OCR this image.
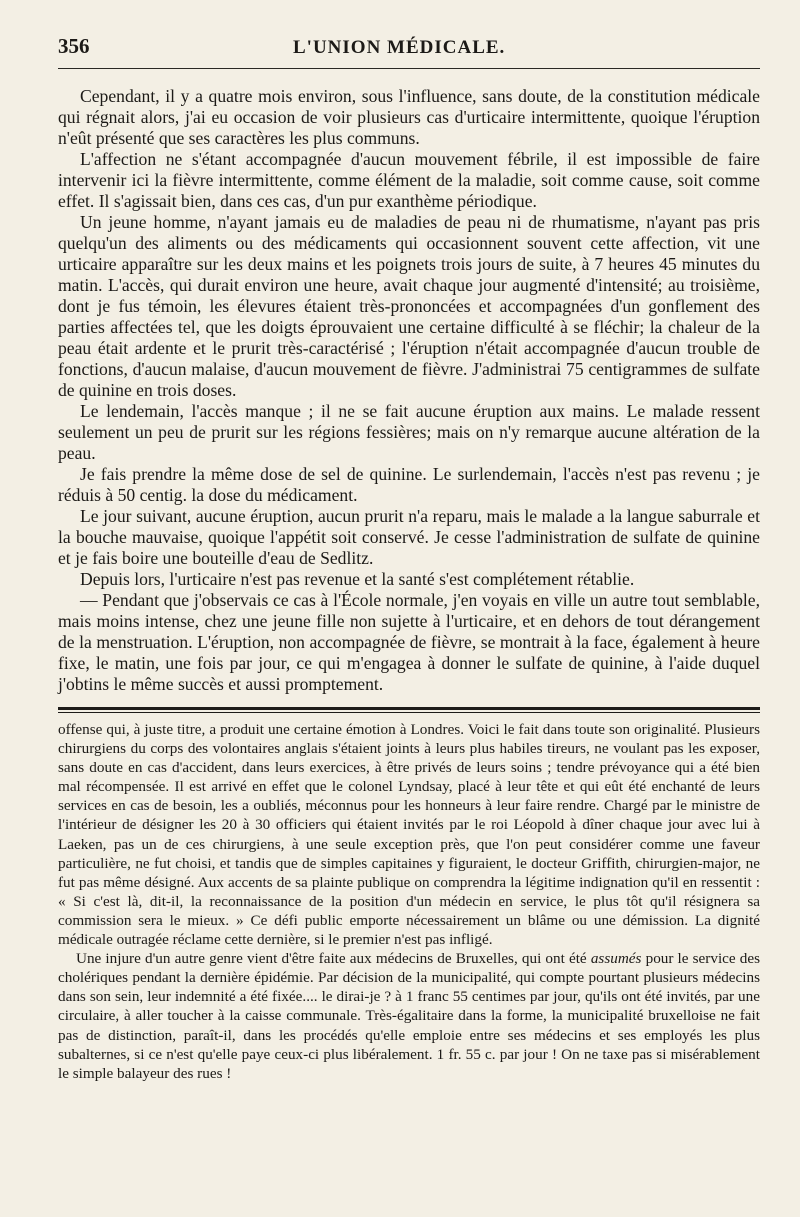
356	L'UNION MÉDICALE.

Cependant, il y a quatre mois environ, sous l'influence, sans doute, de la constitution médicale qui régnait alors, j'ai eu occasion de voir plusieurs cas d'urticaire intermittente, quoique l'éruption n'eût présenté que ses caractères les plus communs.

L'affection ne s'étant accompagnée d'aucun mouvement fébrile, il est impossible de faire intervenir ici la fièvre intermittente, comme élément de la maladie, soit comme cause, soit comme effet. Il s'agissait bien, dans ces cas, d'un pur exanthème périodique.

Un jeune homme, n'ayant jamais eu de maladies de peau ni de rhumatisme, n'ayant pas pris quelqu'un des aliments ou des médicaments qui occasionnent souvent cette affection, vit une urticaire apparaître sur les deux mains et les poignets trois jours de suite, à 7 heures 45 minutes du matin. L'accès, qui durait environ une heure, avait chaque jour augmenté d'intensité; au troisième, dont je fus témoin, les élevures étaient très-prononcées et accompagnées d'un gonflement des parties affectées tel, que les doigts éprouvaient une certaine difficulté à se fléchir; la chaleur de la peau était ardente et le prurit très-caractérisé ; l'éruption n'était accompagnée d'aucun trouble de fonctions, d'aucun malaise, d'aucun mouvement de fièvre. J'administrai 75 centigrammes de sulfate de quinine en trois doses.

Le lendemain, l'accès manque ; il ne se fait aucune éruption aux mains. Le malade ressent seulement un peu de prurit sur les régions fessières; mais on n'y remarque aucune altération de la peau.

Je fais prendre la même dose de sel de quinine. Le surlendemain, l'accès n'est pas revenu ; je réduis à 50 centig. la dose du médicament.

Le jour suivant, aucune éruption, aucun prurit n'a reparu, mais le malade a la langue saburrale et la bouche mauvaise, quoique l'appétit soit conservé. Je cesse l'administration de sulfate de quinine et je fais boire une bouteille d'eau de Sedlitz.

Depuis lors, l'urticaire n'est pas revenue et la santé s'est complétement rétablie.

— Pendant que j'observais ce cas à l'École normale, j'en voyais en ville un autre tout semblable, mais moins intense, chez une jeune fille non sujette à l'urticaire, et en dehors de tout dérangement de la menstruation. L'éruption, non accompagnée de fièvre, se montrait à la face, également à heure fixe, le matin, une fois par jour, ce qui m'engagea à donner le sulfate de quinine, à l'aide duquel j'obtins le même succès et aussi promptement.

offense qui, à juste titre, a produit une certaine émotion à Londres. Voici le fait dans toute son originalité. Plusieurs chirurgiens du corps des volontaires anglais s'étaient joints à leurs plus habiles tireurs, ne voulant pas les exposer, sans doute en cas d'accident, dans leurs exercices, à être privés de leurs soins ; tendre prévoyance qui a été bien mal récompensée. Il est arrivé en effet que le colonel Lyndsay, placé à leur tête et qui eût été enchanté de leurs services en cas de besoin, les a oubliés, méconnus pour les honneurs à leur faire rendre. Chargé par le ministre de l'intérieur de désigner les 20 à 30 officiers qui étaient invités par le roi Léopold à dîner chaque jour avec lui à Laeken, pas un de ces chirurgiens, à une seule exception près, que l'on peut considérer comme une faveur particulière, ne fut choisi, et tandis que de simples capitaines y figuraient, le docteur Griffith, chirurgien-major, ne fut pas même désigné. Aux accents de sa plainte publique on comprendra la légitime indignation qu'il en ressentit : « Si c'est là, dit-il, la reconnaissance de la position d'un médecin en service, le plus tôt qu'il résignera sa commission sera le mieux. » Ce défi public emporte nécessairement un blâme ou une démission. La dignité médicale outragée réclame cette dernière, si le premier n'est pas infligé.

Une injure d'un autre genre vient d'être faite aux médecins de Bruxelles, qui ont été assumés pour le service des cholériques pendant la dernière épidémie. Par décision de la municipalité, qui compte pourtant plusieurs médecins dans son sein, leur indemnité a été fixée.... le dirai-je ? à 1 franc 55 centimes par jour, qu'ils ont été invités, par une circulaire, à aller toucher à la caisse communale. Très-égalitaire dans la forme, la municipalité bruxelloise ne fait pas de distinction, paraît-il, dans les procédés qu'elle emploie entre ses médecins et ses employés les plus subalternes, si ce n'est qu'elle paye ceux-ci plus libéralement. 1 fr. 55 c. par jour ! On ne taxe pas si misérablement le simple balayeur des rues !
